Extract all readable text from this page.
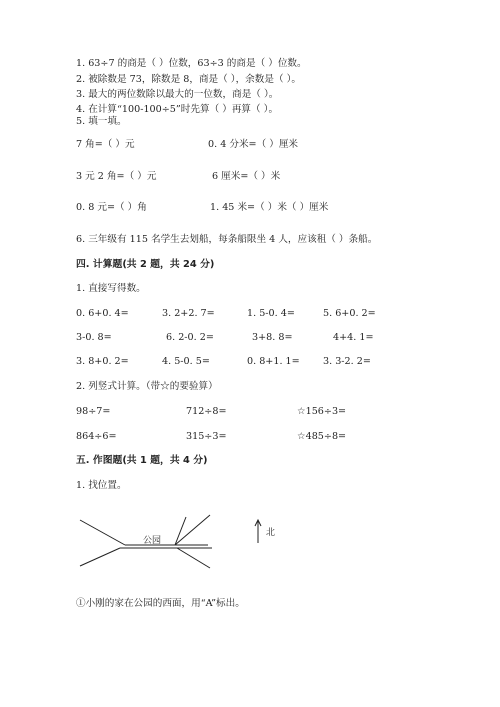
1. 63÷7 的商是（ ）位数，63÷3 的商是（ ）位数。
2. 被除数是 73，除数是 8，商是（ ），余数是（ ）。
3. 最大的两位数除以最大的一位数，商是（ ）。
4. 在计算“100-100÷5”时先算（ ）再算（ ）。
5. 填一填。
7 角=（ ）元	0. 4 分米=（ ）厘米
3 元 2 角=（ ）元	6 厘米=（ ）米
0. 8 元=（ ）角	1. 45 米=（ ）米（ ）厘米
6. 三年级有 115 名学生去划船，每条船限坐 4 人，应该租（ ）条船。
四. 计算题(共 2 题，共 24 分)
1. 直接写得数。
0. 6+0. 4=	3. 2+2. 7=	1. 5-0. 4=	5. 6+0. 2=
3-0. 8=	6. 2-0. 2=	3+8. 8=	4+4. 1=
3. 8+0. 2=	4. 5-0. 5=	0. 8+1. 1= 3. 3-2. 2=
2. 列竖式计算。（带☆的要验算）
98÷7=	712÷8=	☆156÷3=
864÷6=	315÷3=	☆485÷8=
五. 作图题(共 1 题，共 4 分)
1. 找位置。
公园
北
①小刚的家在公园的西面，用“A”标出。
